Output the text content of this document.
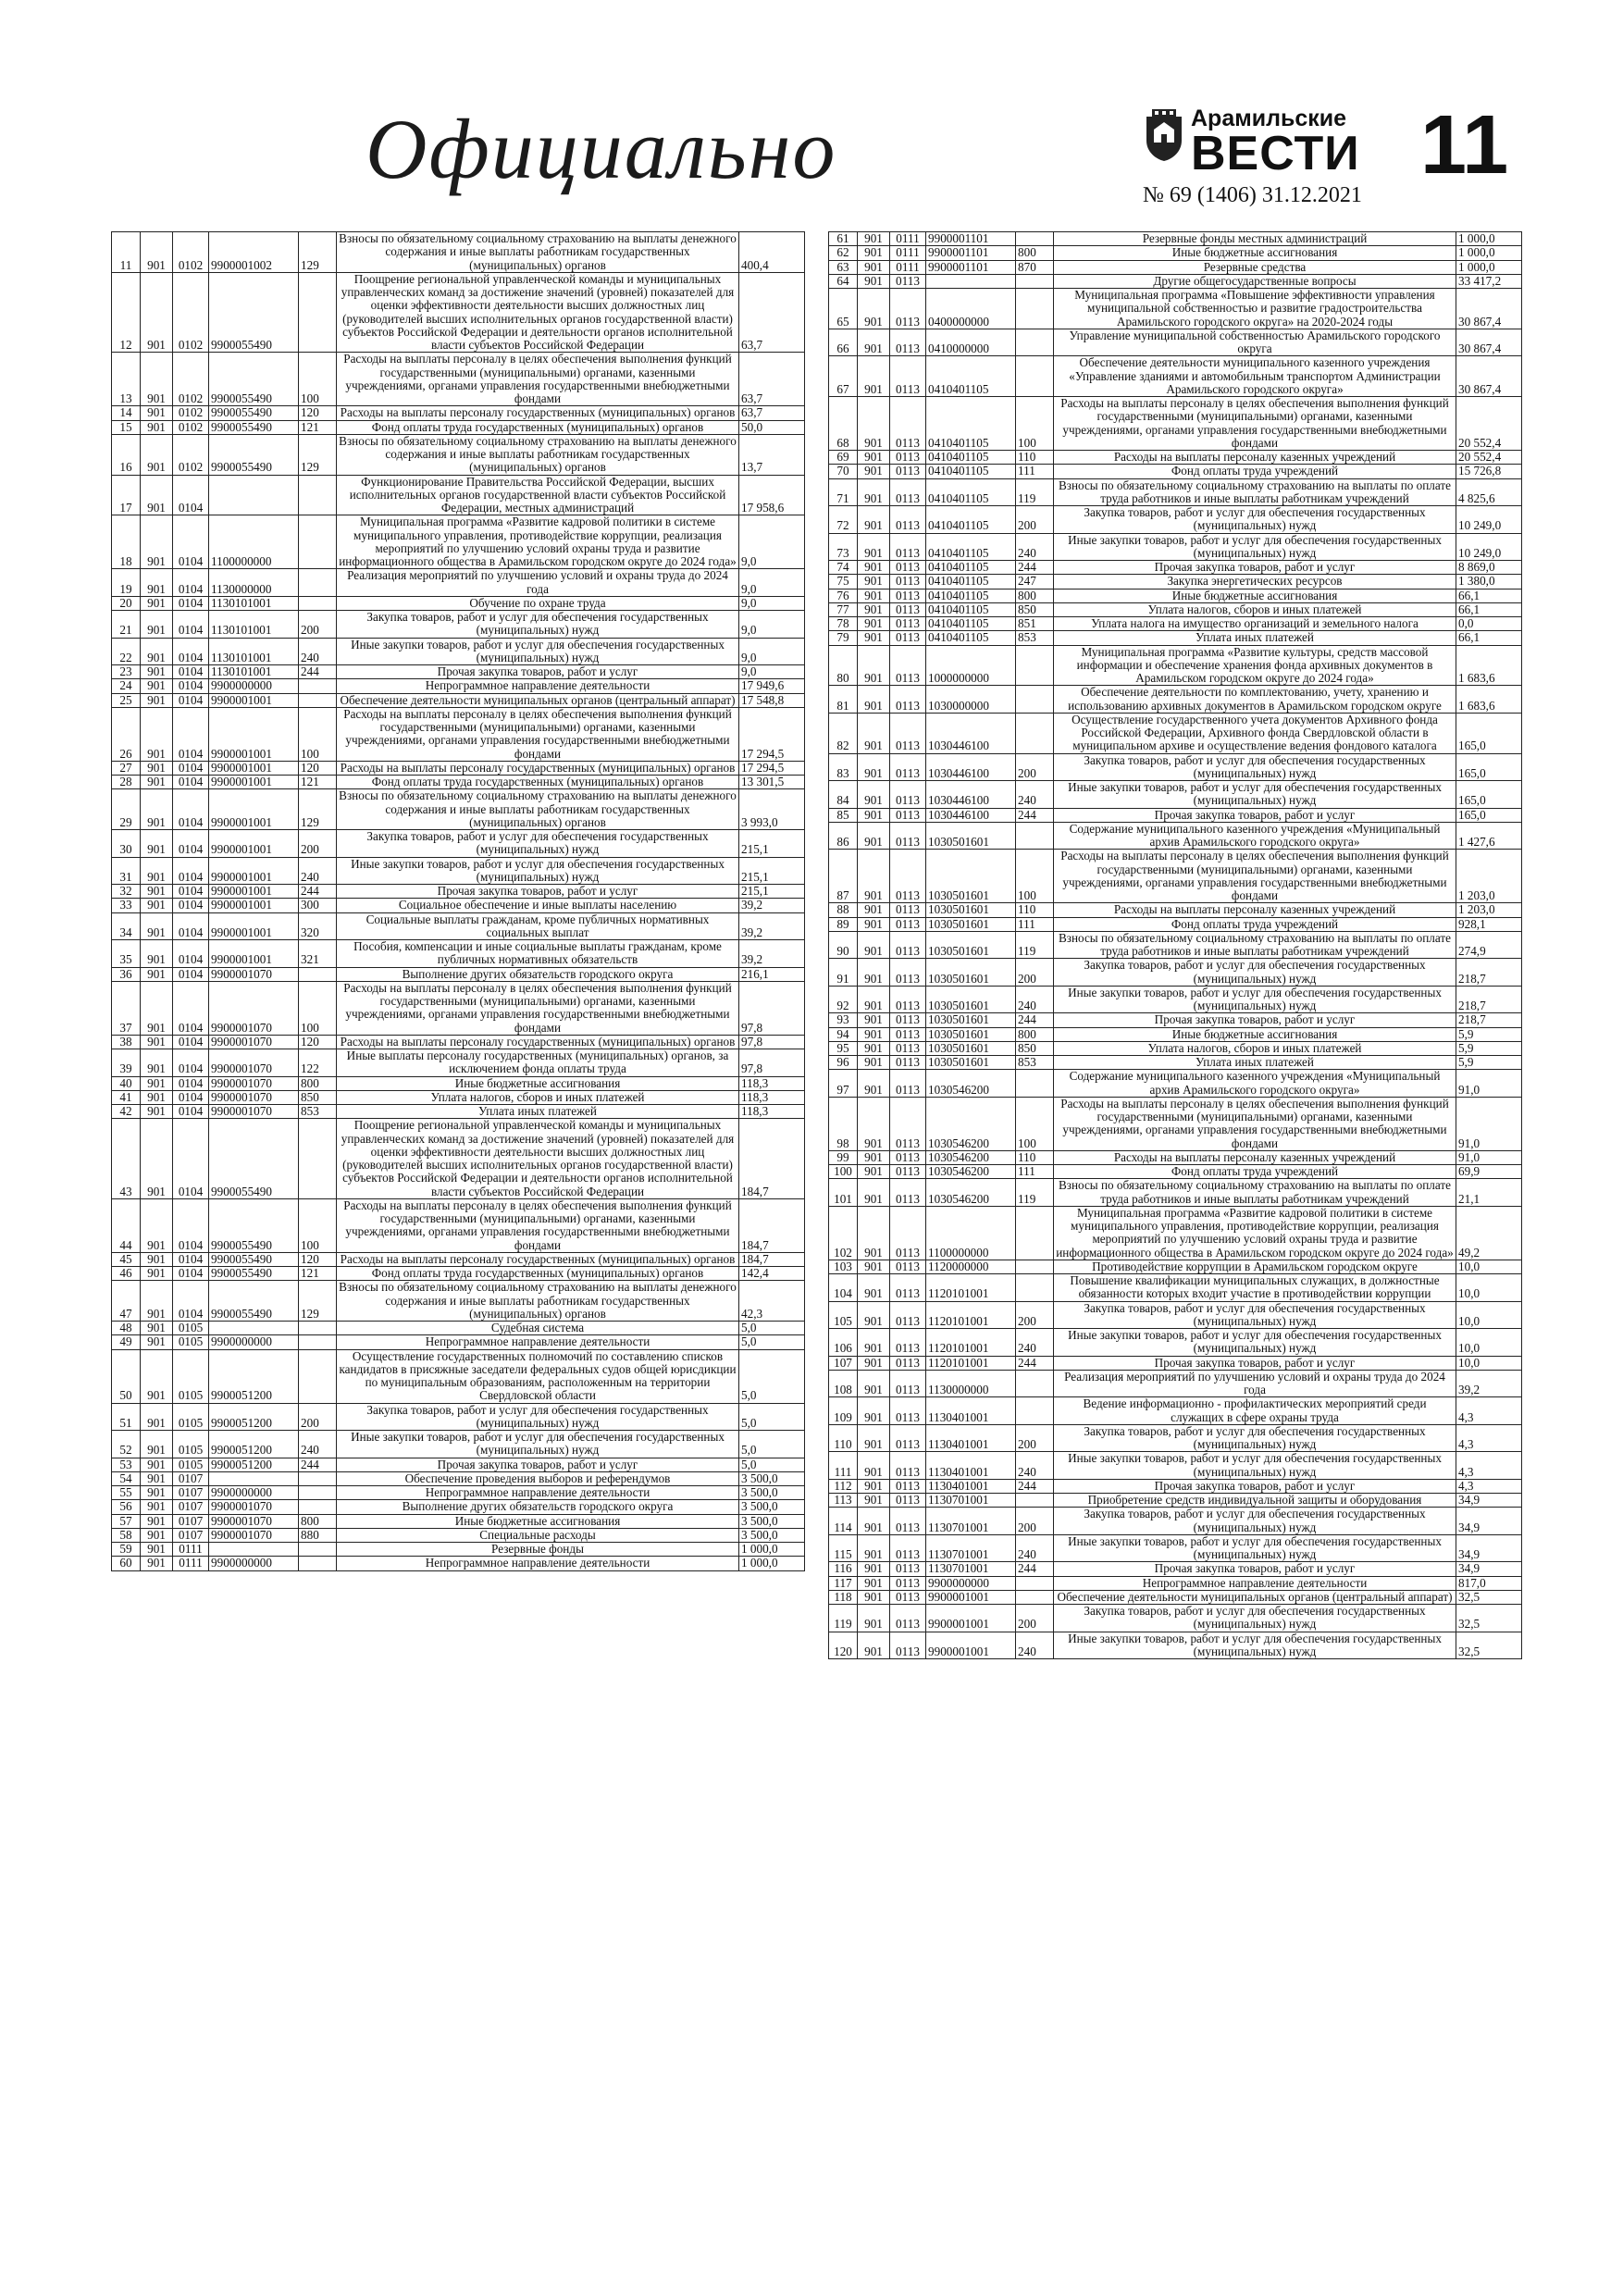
Официально	Арамильские
ВЕСТИ
№ 69 (1406) 31.12.2021
11
11	901	0102	9900001002	129	Взносы по обязательному социальному страхованию на выплаты денежного содержания и иные выплаты работникам государственных (муниципальных) органов	400,4
12	901	0102	9900055490		Поощрение региональной управленческой команды и муниципальных управленческих команд за достижение значений (уровней) показателей для оценки эффективности деятельности высших должностных лиц (руководителей высших исполнительных органов государственной власти) субъектов Российской Федерации и деятельности органов исполнительной власти субъектов Российской Федерации	63,7
13	901	0102	9900055490	100	Расходы на выплаты персоналу в целях обеспечения выполнения функций государственными (муниципальными) органами, казенными учреждениями, органами управления государственными внебюджетными фондами	63,7
14	901	0102	9900055490	120	Расходы на выплаты персоналу государственных (муниципальных) органов	63,7
15	901	0102	9900055490	121	Фонд оплаты труда государственных (муниципальных) органов	50,0
16	901	0102	9900055490	129	Взносы по обязательному социальному страхованию на выплаты денежного содержания и иные выплаты работникам государственных (муниципальных) органов	13,7
17	901	0104			Функционирование Правительства Российской Федерации, высших исполнительных органов государственной власти субъектов Российской Федерации, местных администраций	17 958,6
18	901	0104	1100000000		Муниципальная программа «Развитие кадровой политики в системе муниципального управления, противодействие коррупции, реализация мероприятий по улучшению условий охраны труда и развитие информационного общества в Арамильском городском округе до 2024 года»	9,0
19	901	0104	1130000000		Реализация мероприятий по улучшению условий и охраны труда до 2024 года	9,0
20	901	0104	1130101001		Обучение по охране труда	9,0
21	901	0104	1130101001	200	Закупка товаров, работ и услуг для обеспечения государственных (муниципальных) нужд	9,0
22	901	0104	1130101001	240	Иные закупки товаров, работ и услуг для обеспечения государственных (муниципальных) нужд	9,0
23	901	0104	1130101001	244	Прочая закупка товаров, работ и услуг	9,0
24	901	0104	9900000000		Непрограммное направление деятельности	17 949,6
25	901	0104	9900001001		Обеспечение деятельности муниципальных органов (центральный аппарат)	17 548,8
26	901	0104	9900001001	100	Расходы на выплаты персоналу в целях обеспечения выполнения функций государственными (муниципальными) органами, казенными учреждениями, органами управления государственными внебюджетными фондами	17 294,5
27	901	0104	9900001001	120	Расходы на выплаты персоналу государственных (муниципальных) органов	17 294,5
28	901	0104	9900001001	121	Фонд оплаты труда государственных (муниципальных) органов	13 301,5
29	901	0104	9900001001	129	Взносы по обязательному социальному страхованию на выплаты денежного содержания и иные выплаты работникам государственных (муниципальных) органов	3 993,0
30	901	0104	9900001001	200	Закупка товаров, работ и услуг для обеспечения государственных (муниципальных) нужд	215,1
31	901	0104	9900001001	240	Иные закупки товаров, работ и услуг для обеспечения государственных (муниципальных) нужд	215,1
32	901	0104	9900001001	244	Прочая закупка товаров, работ и услуг	215,1
33	901	0104	9900001001	300	Социальное обеспечение и иные выплаты населению	39,2
34	901	0104	9900001001	320	Социальные выплаты гражданам, кроме публичных нормативных социальных выплат	39,2
35	901	0104	9900001001	321	Пособия, компенсации и иные социальные выплаты гражданам, кроме публичных нормативных обязательств	39,2
36	901	0104	9900001070		Выполнение других обязательств городского округа	216,1
37	901	0104	9900001070	100	Расходы на выплаты персоналу в целях обеспечения выполнения функций государственными (муниципальными) органами, казенными учреждениями, органами управления государственными внебюджетными фондами	97,8
38	901	0104	9900001070	120	Расходы на выплаты персоналу государственных (муниципальных) органов	97,8
39	901	0104	9900001070	122	Иные выплаты персоналу государственных (муниципальных) органов, за исключением фонда оплаты труда	97,8
40	901	0104	9900001070	800	Иные бюджетные ассигнования	118,3
41	901	0104	9900001070	850	Уплата налогов, сборов и иных платежей	118,3
42	901	0104	9900001070	853	Уплата иных платежей	118,3
43	901	0104	9900055490		Поощрение региональной управленческой команды и муниципальных управленческих команд за достижение значений (уровней) показателей для оценки эффективности деятельности высших должностных лиц (руководителей высших исполнительных органов государственной власти) субъектов Российской Федерации и деятельности органов исполнительной власти субъектов Российской Федерации	184,7
44	901	0104	9900055490	100	Расходы на выплаты персоналу в целях обеспечения выполнения функций государственными (муниципальными) органами, казенными учреждениями, органами управления государственными внебюджетными фондами	184,7
45	901	0104	9900055490	120	Расходы на выплаты персоналу государственных (муниципальных) органов	184,7
46	901	0104	9900055490	121	Фонд оплаты труда государственных (муниципальных) органов	142,4
47	901	0104	9900055490	129	Взносы по обязательному социальному страхованию на выплаты денежного содержания и иные выплаты работникам государственных (муниципальных) органов	42,3
48	901	0105			Судебная система	5,0
49	901	0105	9900000000		Непрограммное направление деятельности	5,0
50	901	0105	9900051200		Осуществление государственных полномочий по составлению списков кандидатов в присяжные заседатели федеральных судов общей юрисдикции по муниципальным образованиям, расположенным на территории Свердловской области	5,0
51	901	0105	9900051200	200	Закупка товаров, работ и услуг для обеспечения государственных (муниципальных) нужд	5,0
52	901	0105	9900051200	240	Иные закупки товаров, работ и услуг для обеспечения государственных (муниципальных) нужд	5,0
53	901	0105	9900051200	244	Прочая закупка товаров, работ и услуг	5,0
54	901	0107			Обеспечение проведения выборов и референдумов	3 500,0
55	901	0107	9900000000		Непрограммное направление деятельности	3 500,0
56	901	0107	9900001070		Выполнение других обязательств городского округа	3 500,0
57	901	0107	9900001070	800	Иные бюджетные ассигнования	3 500,0
58	901	0107	9900001070	880	Специальные расходы	3 500,0
59	901	0111			Резервные фонды	1 000,0
60	901	0111	9900000000		Непрограммное направление деятельности	1 000,0
61	901	0111	9900001101		Резервные фонды местных администраций	1 000,0
62	901	0111	9900001101	800	Иные бюджетные ассигнования	1 000,0
63	901	0111	9900001101	870	Резервные средства	1 000,0
64	901	0113			Другие общегосударственные вопросы	33 417,2
65	901	0113	0400000000		Муниципальная программа «Повышение эффективности управления муниципальной собственностью и развитие градостроительства Арамильского городского округа» на 2020-2024 годы	30 867,4
66	901	0113	0410000000		Управление муниципальной собственностью Арамильского городского округа	30 867,4
67	901	0113	0410401105		Обеспечение деятельности муниципального казенного учреждения «Управление зданиями и автомобильным транспортом Администрации Арамильского городского округа»	30 867,4
68	901	0113	0410401105	100	Расходы на выплаты персоналу в целях обеспечения выполнения функций государственными (муниципальными) органами, казенными учреждениями, органами управления государственными внебюджетными фондами	20 552,4
69	901	0113	0410401105	110	Расходы на выплаты персоналу казенных учреждений	20 552,4
70	901	0113	0410401105	111	Фонд оплаты труда учреждений	15 726,8
71	901	0113	0410401105	119	Взносы по обязательному социальному страхованию на выплаты по оплате труда работников и иные выплаты работникам учреждений	4 825,6
72	901	0113	0410401105	200	Закупка товаров, работ и услуг для обеспечения государственных (муниципальных) нужд	10 249,0
73	901	0113	0410401105	240	Иные закупки товаров, работ и услуг для обеспечения государственных (муниципальных) нужд	10 249,0
74	901	0113	0410401105	244	Прочая закупка товаров, работ и услуг	8 869,0
75	901	0113	0410401105	247	Закупка энергетических ресурсов	1 380,0
76	901	0113	0410401105	800	Иные бюджетные ассигнования	66,1
77	901	0113	0410401105	850	Уплата налогов, сборов и иных платежей	66,1
78	901	0113	0410401105	851	Уплата налога на имущество организаций и земельного налога	0,0
79	901	0113	0410401105	853	Уплата иных платежей	66,1
80	901	0113	1000000000		Муниципальная программа «Развитие культуры, средств массовой информации и обеспечение хранения фонда архивных документов в Арамильском городском округе до 2024 года»	1 683,6
81	901	0113	1030000000		Обеспечение деятельности по комплектованию, учету, хранению и использованию архивных документов в Арамильском городском округе	1 683,6
82	901	0113	1030446100		Осуществление государственного учета документов Архивного фонда Российской Федерации, Архивного фонда Свердловской области в муниципальном архиве и осуществление ведения фондового каталога	165,0
83	901	0113	1030446100	200	Закупка товаров, работ и услуг для обеспечения государственных (муниципальных) нужд	165,0
84	901	0113	1030446100	240	Иные закупки товаров, работ и услуг для обеспечения государственных (муниципальных) нужд	165,0
85	901	0113	1030446100	244	Прочая закупка товаров, работ и услуг	165,0
86	901	0113	1030501601		Содержание муниципального казенного учреждения «Муниципальный архив Арамильского городского округа»	1 427,6
87	901	0113	1030501601	100	Расходы на выплаты персоналу в целях обеспечения выполнения функций государственными (муниципальными) органами, казенными учреждениями, органами управления государственными внебюджетными фондами	1 203,0
88	901	0113	1030501601	110	Расходы на выплаты персоналу казенных учреждений	1 203,0
89	901	0113	1030501601	111	Фонд оплаты труда учреждений	928,1
90	901	0113	1030501601	119	Взносы по обязательному социальному страхованию на выплаты по оплате труда работников и иные выплаты работникам учреждений	274,9
91	901	0113	1030501601	200	Закупка товаров, работ и услуг для обеспечения государственных (муниципальных) нужд	218,7
92	901	0113	1030501601	240	Иные закупки товаров, работ и услуг для обеспечения государственных (муниципальных) нужд	218,7
93	901	0113	1030501601	244	Прочая закупка товаров, работ и услуг	218,7
94	901	0113	1030501601	800	Иные бюджетные ассигнования	5,9
95	901	0113	1030501601	850	Уплата налогов, сборов и иных платежей	5,9
96	901	0113	1030501601	853	Уплата иных платежей	5,9
97	901	0113	1030546200		Содержание муниципального казенного учреждения «Муниципальный архив Арамильского городского округа»	91,0
98	901	0113	1030546200	100	Расходы на выплаты персоналу в целях обеспечения выполнения функций государственными (муниципальными) органами, казенными учреждениями, органами управления государственными внебюджетными фондами	91,0
99	901	0113	1030546200	110	Расходы на выплаты персоналу казенных учреждений	91,0
100	901	0113	1030546200	111	Фонд оплаты труда учреждений	69,9
101	901	0113	1030546200	119	Взносы по обязательному социальному страхованию на выплаты по оплате труда работников и иные выплаты работникам учреждений	21,1
102	901	0113	1100000000		Муниципальная программа «Развитие кадровой политики в системе муниципального управления, противодействие коррупции, реализация мероприятий по улучшению условий охраны труда и развитие информационного общества в Арамильском городском округе до 2024 года»	49,2
103	901	0113	1120000000		Противодействие коррупции в Арамильском городском округе	10,0
104	901	0113	1120101001		Повышение квалификации муниципальных служащих, в должностные обязанности которых входит участие в противодействии коррупции	10,0
105	901	0113	1120101001	200	Закупка товаров, работ и услуг для обеспечения государственных (муниципальных) нужд	10,0
106	901	0113	1120101001	240	Иные закупки товаров, работ и услуг для обеспечения государственных (муниципальных) нужд	10,0
107	901	0113	1120101001	244	Прочая закупка товаров, работ и услуг	10,0
108	901	0113	1130000000		Реализация мероприятий по улучшению условий и охраны труда до 2024 года	39,2
109	901	0113	1130401001		Ведение информационно - профилактических мероприятий среди служащих в сфере охраны труда	4,3
110	901	0113	1130401001	200	Закупка товаров, работ и услуг для обеспечения государственных (муниципальных) нужд	4,3
111	901	0113	1130401001	240	Иные закупки товаров, работ и услуг для обеспечения государственных (муниципальных) нужд	4,3
112	901	0113	1130401001	244	Прочая закупка товаров, работ и услуг	4,3
113	901	0113	1130701001		Приобретение средств индивидуальной защиты и оборудования	34,9
114	901	0113	1130701001	200	Закупка товаров, работ и услуг для обеспечения государственных (муниципальных) нужд	34,9
115	901	0113	1130701001	240	Иные закупки товаров, работ и услуг для обеспечения государственных (муниципальных) нужд	34,9
116	901	0113	1130701001	244	Прочая закупка товаров, работ и услуг	34,9
117	901	0113	9900000000		Непрограммное направление деятельности	817,0
118	901	0113	9900001001		Обеспечение деятельности муниципальных органов (центральный аппарат)	32,5
119	901	0113	9900001001	200	Закупка товаров, работ и услуг для обеспечения государственных (муниципальных) нужд	32,5
120	901	0113	9900001001	240	Иные закупки товаров, работ и услуг для обеспечения государственных (муниципальных) нужд	32,5
